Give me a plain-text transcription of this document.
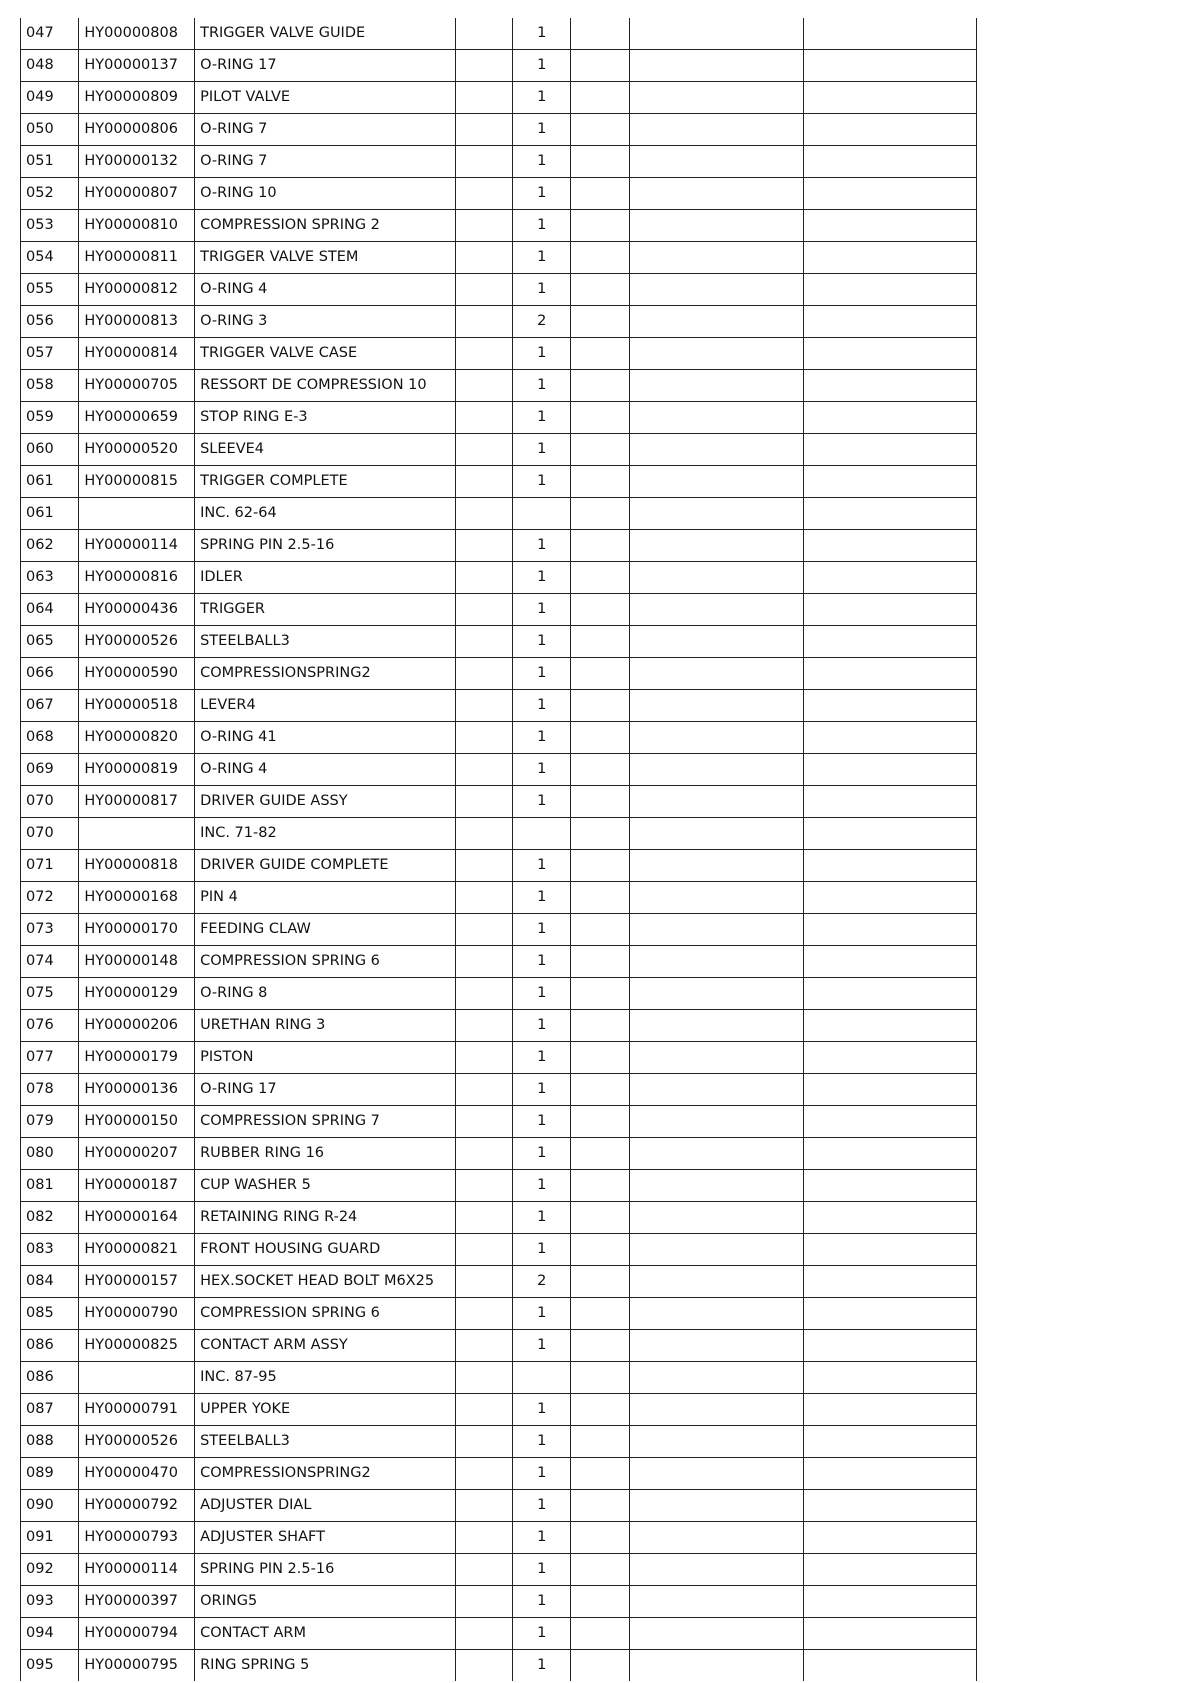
047	HY00000808	TRIGGER VALVE GUIDE		1			
048	HY00000137	O-RING 17		1			
049	HY00000809	PILOT VALVE		1			
050	HY00000806	O-RING 7		1			
051	HY00000132	O-RING 7		1			
052	HY00000807	O-RING 10		1			
053	HY00000810	COMPRESSION SPRING 2		1			
054	HY00000811	TRIGGER VALVE STEM		1			
055	HY00000812	O-RING 4		1			
056	HY00000813	O-RING 3		2			
057	HY00000814	TRIGGER VALVE CASE		1			
058	HY00000705	RESSORT DE COMPRESSION 10		1			
059	HY00000659	STOP RING E-3		1			
060	HY00000520	SLEEVE4		1			
061	HY00000815	TRIGGER COMPLETE		1			
061		INC. 62-64					
062	HY00000114	SPRING PIN 2.5-16		1			
063	HY00000816	IDLER		1			
064	HY00000436	TRIGGER		1			
065	HY00000526	STEELBALL3		1			
066	HY00000590	COMPRESSIONSPRING2		1			
067	HY00000518	LEVER4		1			
068	HY00000820	O-RING 41		1			
069	HY00000819	O-RING 4		1			
070	HY00000817	DRIVER GUIDE ASSY		1			
070		INC. 71-82					
071	HY00000818	DRIVER GUIDE COMPLETE		1			
072	HY00000168	PIN 4		1			
073	HY00000170	FEEDING CLAW		1			
074	HY00000148	COMPRESSION SPRING 6		1			
075	HY00000129	O-RING 8		1			
076	HY00000206	URETHAN RING 3		1			
077	HY00000179	PISTON		1			
078	HY00000136	O-RING 17		1			
079	HY00000150	COMPRESSION SPRING 7		1			
080	HY00000207	RUBBER RING 16		1			
081	HY00000187	CUP WASHER 5		1			
082	HY00000164	RETAINING RING R-24		1			
083	HY00000821	FRONT HOUSING GUARD		1			
084	HY00000157	HEX.SOCKET HEAD BOLT M6X25		2			
085	HY00000790	COMPRESSION SPRING 6		1			
086	HY00000825	CONTACT ARM ASSY		1			
086		INC. 87-95					
087	HY00000791	UPPER YOKE		1			
088	HY00000526	STEELBALL3		1			
089	HY00000470	COMPRESSIONSPRING2		1			
090	HY00000792	ADJUSTER DIAL		1			
091	HY00000793	ADJUSTER SHAFT		1			
092	HY00000114	SPRING PIN 2.5-16		1			
093	HY00000397	ORING5		1			
094	HY00000794	CONTACT ARM		1			
095	HY00000795	RING SPRING 5		1			
